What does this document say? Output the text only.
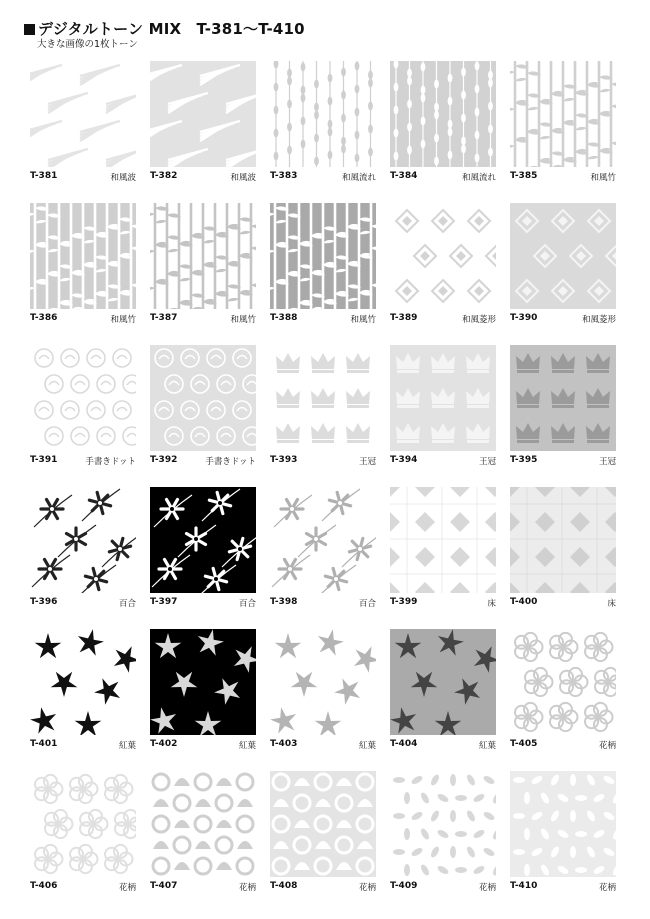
デジタルトーン MIX　T-381〜T-410
大きな画像の1枚トーン
T-381	和風波 T-382	和風波 T-383	和風流れ T-384	和風流れ T-385	和風竹
T-386	和風竹 T-387	和風竹 T-388	和風竹 T-389	和風菱形 T-390	和風菱形
T-391	手書きドット T-392	手書きドット T-393	王冠 T-394	王冠 T-395	王冠
T-396	百合 T-397	百合 T-398	百合 T-399	床 T-400	床
T-401	紅葉 T-402	紅葉 T-403	紅葉 T-404	紅葉 T-405	花柄
T-406	花柄 T-407	花柄 T-408	花柄 T-409	花柄 T-410	花柄
